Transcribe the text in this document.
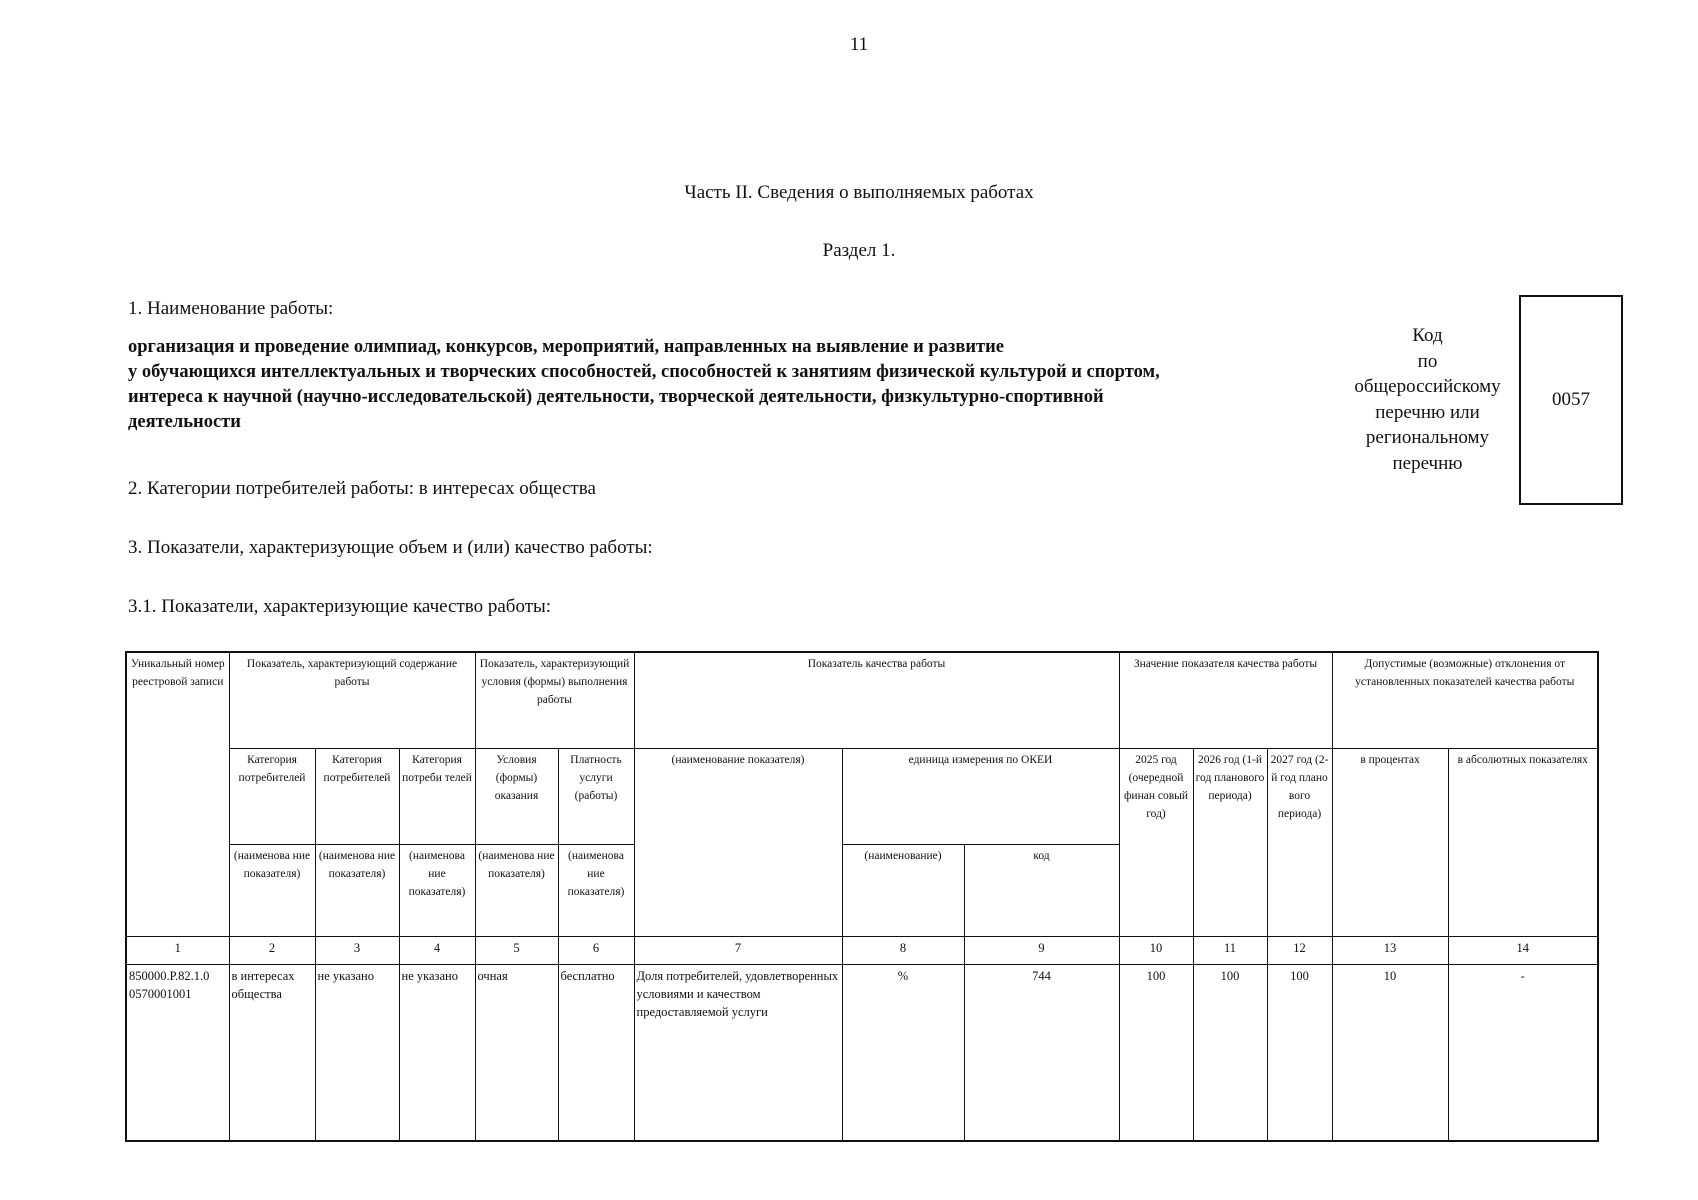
11
Часть II. Сведения о выполняемых работах
Раздел 1.
1. Наименование работы:
организация и проведение олимпиад, конкурсов, мероприятий, направленных на выявление и развитие
у обучающихся интеллектуальных и творческих способностей, способностей к занятиям физической культурой и спортом,
интереса к научной (научно-исследовательской) деятельности, творческой деятельности, физкультурно-спортивной
деятельности
Код
по
общероссийскому
перечню или
региональному
перечню
0057
2. Категории потребителей работы: в интересах общества
3. Показатели, характеризующие объем и (или) качество работы:
3.1. Показатели, характеризующие качество работы:
Уникальный номер реестровой записи	Показатель, характеризующий содержание работы			Показатель, характеризующий условия (формы) выполнения работы		Показатель качества работы			Значение показателя качества работы			Допустимые (возможные) отклонения от установленных показателей качества работы	
	Категория потребителей	Категория потребителей	Категория потреби телей	Условия (формы) оказания	Платность услуги (работы)	(наименование показателя)	единица измерения по ОКЕИ		2025 год (очередной финан совый год)	2026 год (1-й год планового периода)	2027 год (2-й год плано вого периода)	в процентах	в абсолютных показателях
	(наименова ние показателя)	(наименова ние показателя)	(наименова ние показателя)	(наименова ние показателя)	(наименова ние показателя)		(наименование)	код					
1	2	3	4	5	6	7	8	9	10	11	12	13	14
850000.Р.82.1.0 0570001001	в интересах общества	не указано	не указано	очная	бесплатно	Доля потребителей, удовлетворенных условиями и качеством предоставляемой услуги	%	744	100	100	100	10	-
